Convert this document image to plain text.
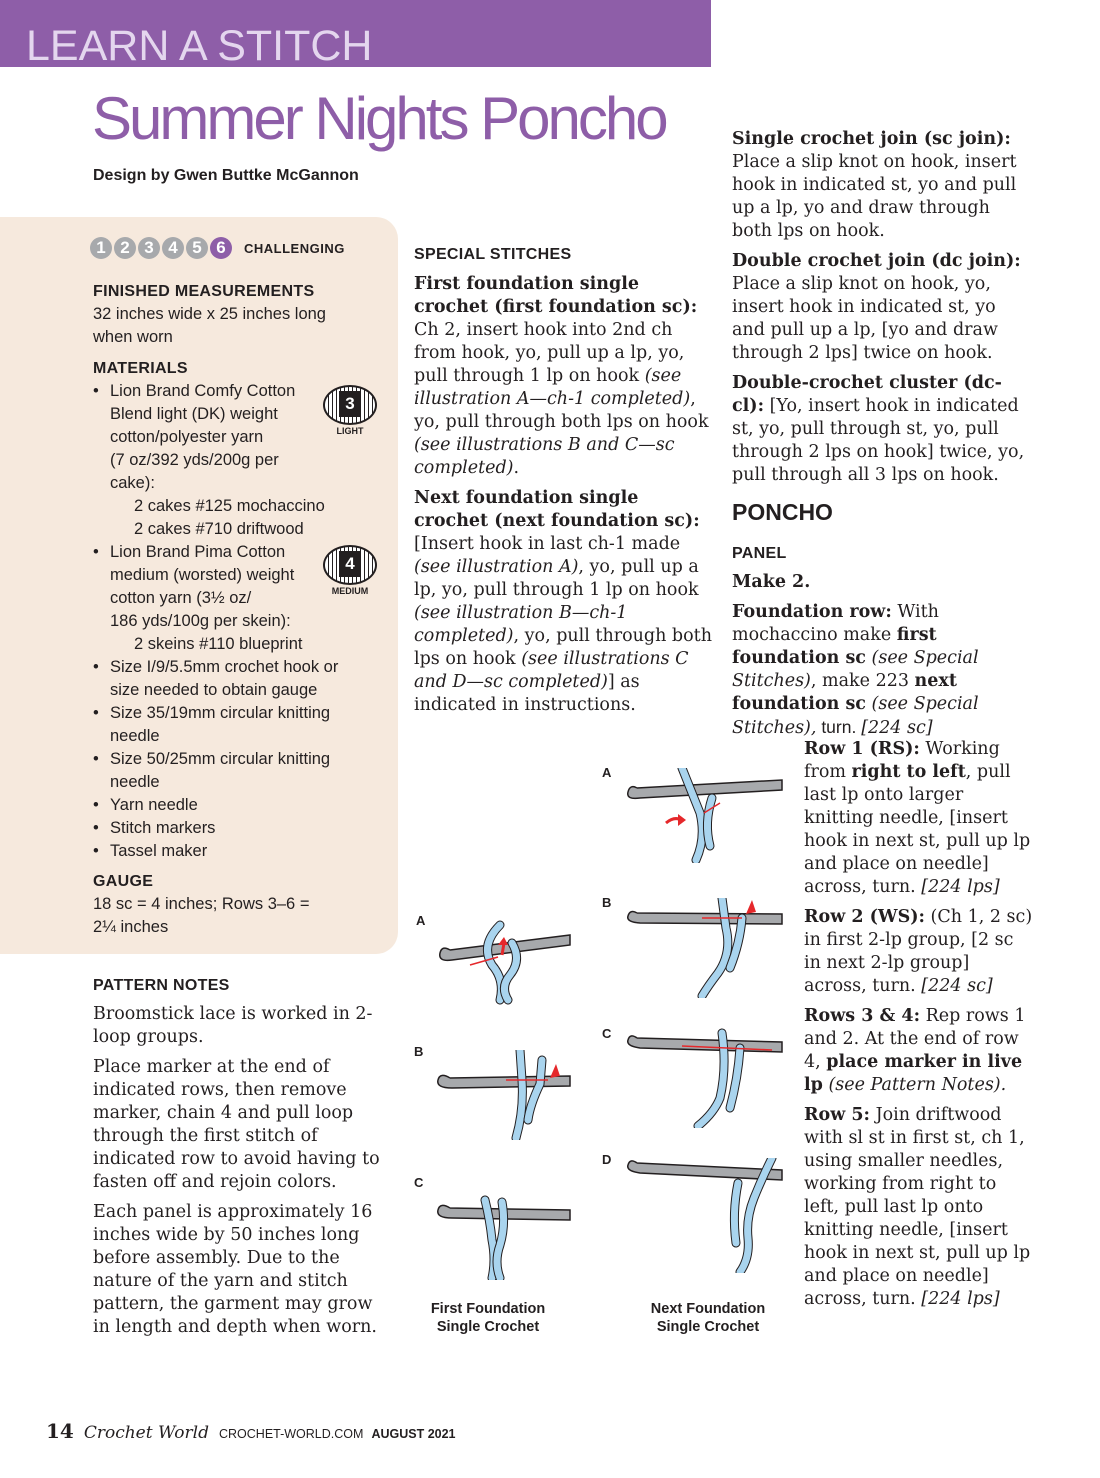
LEARN A STITCH
Summer Nights Poncho
Design by Gwen Buttke McGannon
1 2 3 4 5 6	CHALLENGING
FINISHED MEASUREMENTS
32 inches wide x 25 inches long
when worn
MATERIALS
• Lion Brand Comfy Cotton
Blend light (DK) weight
cotton/polyester yarn
(7 oz/392 yds/200g per
cake):
2 cakes #125 mochaccino
2 cakes #710 driftwood
• Lion Brand Pima Cotton
medium (worsted) weight
cotton yarn (3½ oz/
186 yds/100g per skein):
2 skeins #110 blueprint
• Size I/9/5.5mm crochet hook or
size needed to obtain gauge
• Size 35/19mm circular knitting
needle
• Size 50/25mm circular knitting
needle
• Yarn needle
• Stitch markers
• Tassel maker
3
LIGHT
4
MEDIUM
GAUGE
18 sc = 4 inches; Rows 3–6 =
2¼ inches
PATTERN NOTES

Broomstick lace is worked in 2-loop groups.

Place marker at the end of indicated rows, then remove marker, chain 4 and pull loop through the first stitch of indicated row to avoid having to fasten off and rejoin colors.

Each panel is approximately 16 inches wide by 50 inches long before assembly. Due to the nature of the yarn and stitch pattern, the garment may grow in length and depth when worn.

SPECIAL STITCHES

First foundation single crochet (first foundation sc): Ch 2, insert hook into 2nd ch from hook, yo, pull up a lp, yo, pull through 1 lp on hook (see illustration A—ch-1 completed), yo, pull through both lps on hook (see illustrations B and C—sc completed).

Next foundation single crochet (next foundation sc): [Insert hook in last ch-1 made (see illustration A), yo, pull up a lp, yo, pull through 1 lp on hook (see illustration B—ch-1 completed), yo, pull through both lps on hook (see illustrations C and D—sc completed)] as indicated in instructions.

Single crochet join (sc join): Place a slip knot on hook, insert hook in indicated st, yo and pull up a lp, yo and draw through both lps on hook.

Double crochet join (dc join): Place a slip knot on hook, yo, insert hook in indicated st, yo and pull up a lp, [yo and draw through 2 lps] twice on hook.

Double-crochet cluster (dc-cl): [Yo, insert hook in indicated st, yo, pull through st, yo, pull through 2 lps on hook] twice, yo, pull through all 3 lps on hook.

PONCHO
PANEL

Make 2.

Foundation row: With mochaccino make first foundation sc (see Special Stitches), make 223 next foundation sc (see Special Stitches), turn. [224 sc]

Row 1 (RS): Working from right to left, pull last lp onto larger knitting needle, [insert hook in next st, pull up lp and place on needle] across, turn. [224 lps]

Row 2 (WS): (Ch 1, 2 sc) in first 2-lp group, [2 sc in next 2-lp group] across, turn. [224 sc]

Rows 3 & 4: Rep rows 1 and 2. At the end of row 4, place marker in live lp (see Pattern Notes).

Row 5: Join driftwood with sl st in first st, ch 1, using smaller needles, working from right to left, pull last lp onto knitting needle, [insert hook in next st, pull up lp and place on needle] across, turn. [224 lps]

A
B
C
First Foundation
Single Crochet
A
B
C
D
Next Foundation
Single Crochet
14 Crochet World CROCHET-WORLD.COM AUGUST 2021
